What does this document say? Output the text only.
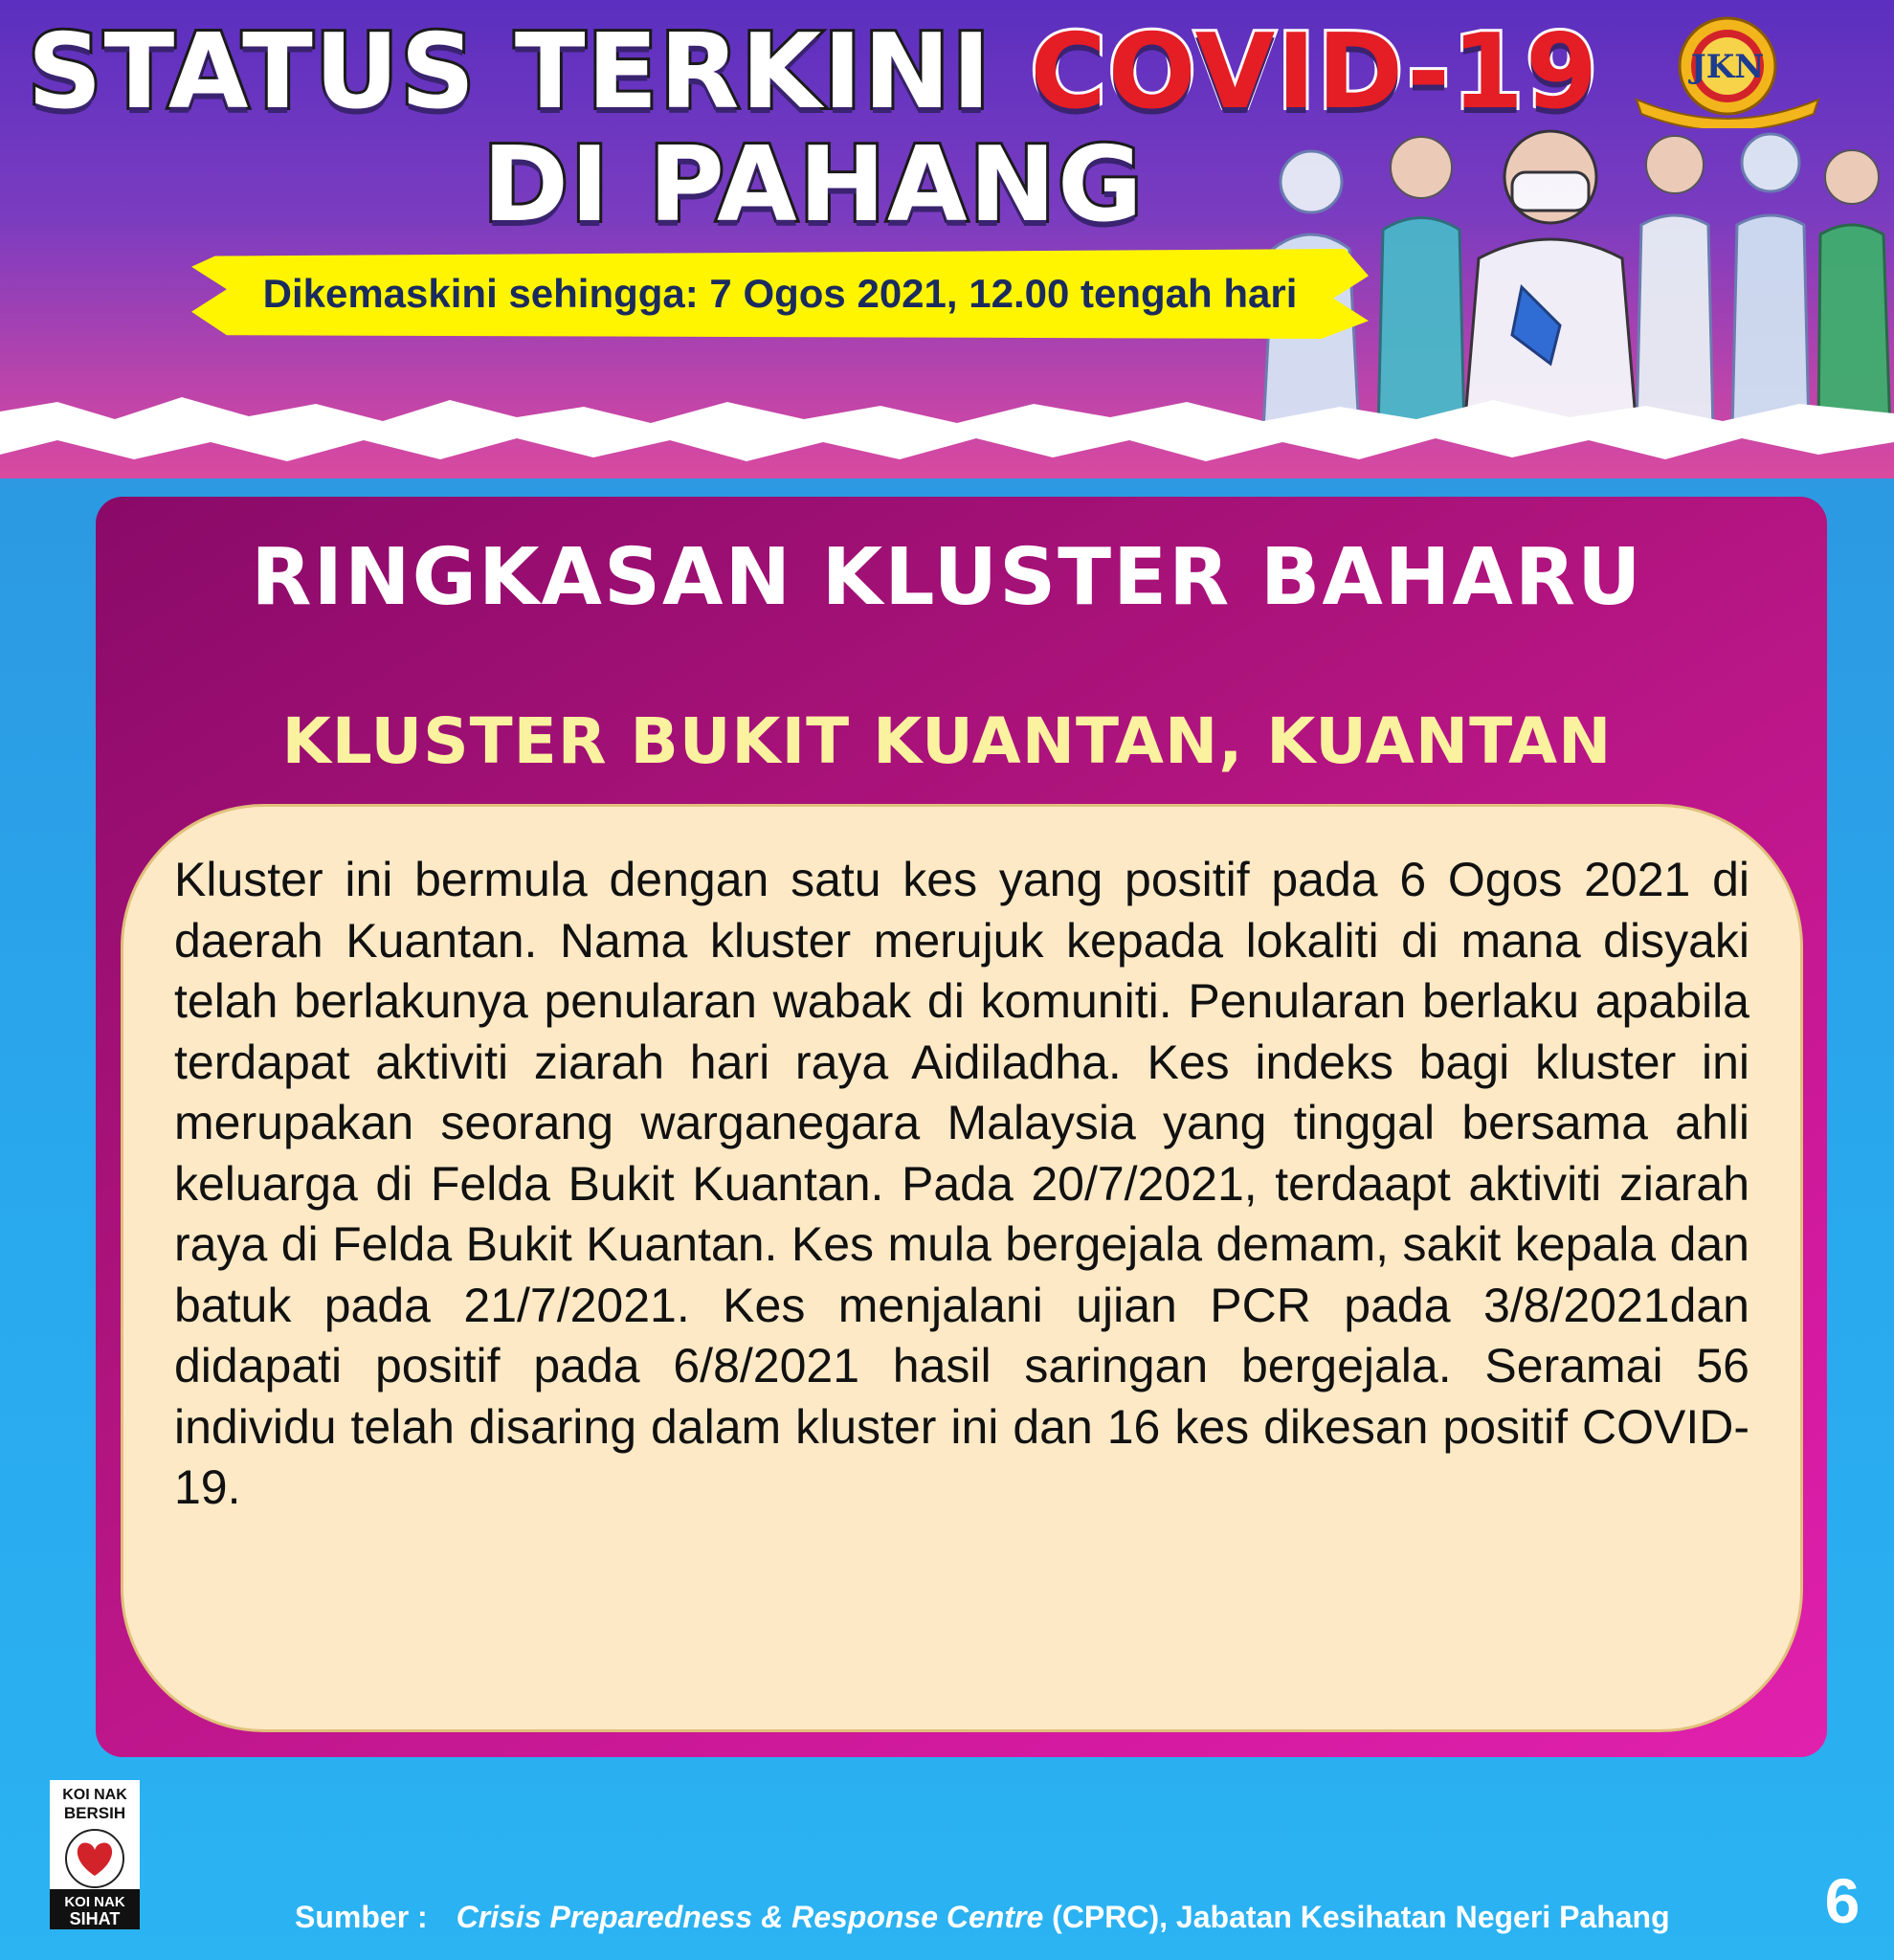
STATUS TERKINI COVID-19
DI PAHANG
Dikemaskini sehingga: 7 Ogos 2021, 12.00 tengah hari
JKN
RINGKASAN KLUSTER BAHARU
KLUSTER BUKIT KUANTAN, KUANTAN

Kluster ini bermula dengan satu kes yang positif pada 6 Ogos 2021 di daerah Kuantan. Nama kluster merujuk kepada lokaliti di mana disyaki telah berlakunya penularan wabak di komuniti. Penularan berlaku apabila terdapat aktiviti ziarah hari raya Aidiladha. Kes indeks bagi kluster ini merupakan seorang warganegara Malaysia yang tinggal bersama ahli keluarga di Felda Bukit Kuantan. Pada 20/7/2021, terdaapt aktiviti ziarah raya di Felda Bukit Kuantan. Kes mula bergejala demam, sakit kepala dan batuk pada 21/7/2021. Kes menjalani ujian PCR pada 3/8/2021dan didapati positif pada 6/8/2021 hasil saringan bergejala. Seramai 56 individu telah disaring dalam kluster ini dan 16 kes dikesan positif COVID-19.

KOI NAK
BERSIH
KOI NAK
SIHAT	Sumber : Crisis Preparedness & Response Centre (CPRC), Jabatan Kesihatan Negeri Pahang 6
